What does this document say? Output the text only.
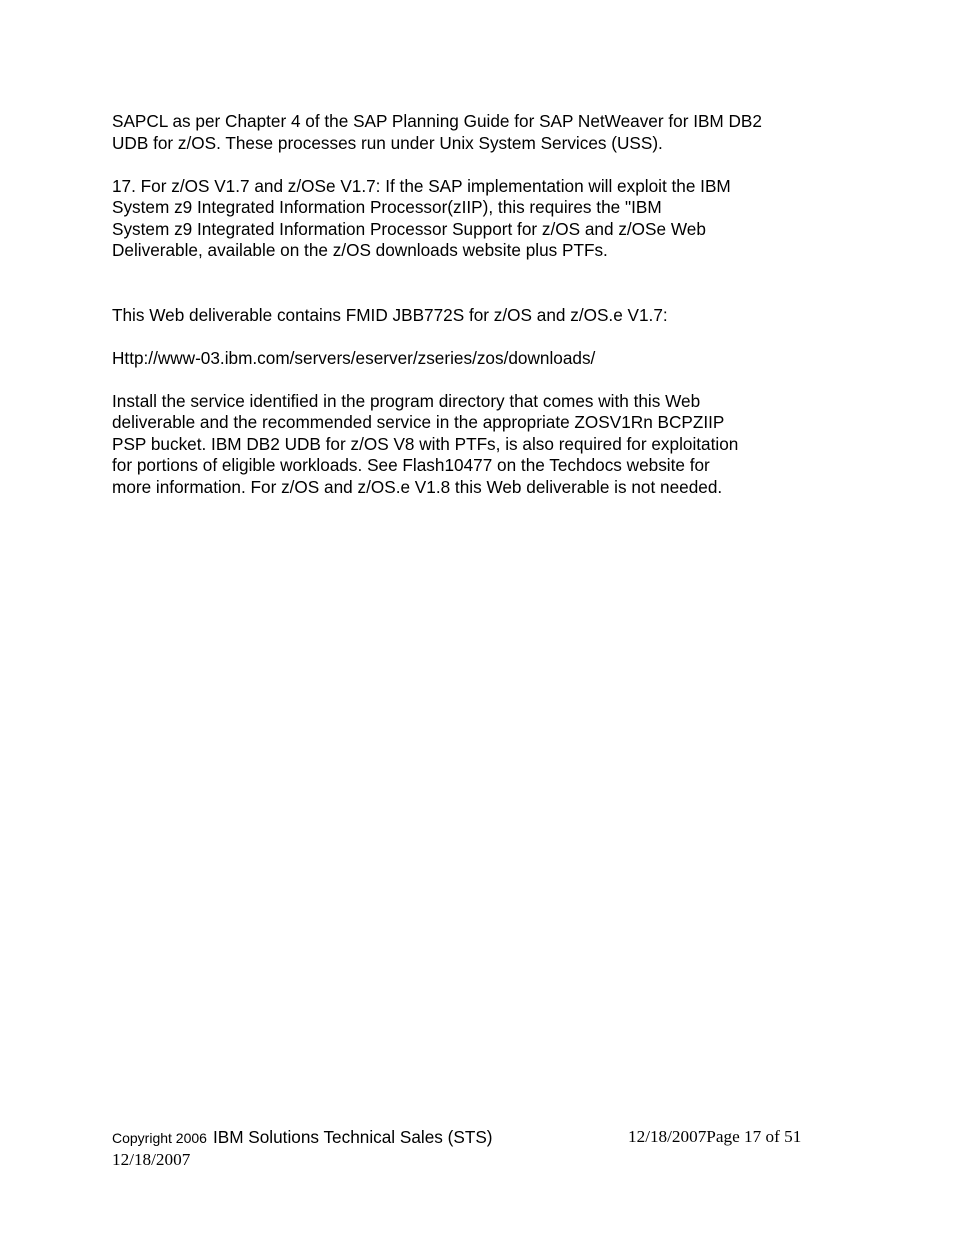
SAPCL as per Chapter 4 of the SAP Planning Guide for SAP NetWeaver for IBM DB2
UDB for z/OS. These processes run under Unix System Services (USS).
17. For z/OS V1.7 and z/OSe V1.7: If the SAP implementation will exploit the IBM
System z9 Integrated Information Processor(zIIP), this requires the "IBM
System z9 Integrated Information Processor Support for z/OS and z/OSe Web
Deliverable, available on the z/OS downloads website plus PTFs.
This Web deliverable contains FMID JBB772S for z/OS and z/OS.e V1.7:
Http://www-03.ibm.com/servers/eserver/zseries/zos/downloads/
Install the service identified in the program directory that comes with this Web
deliverable and the recommended service in the appropriate ZOSV1Rn BCPZIIP
PSP bucket. IBM DB2 UDB for z/OS V8 with PTFs, is also required for exploitation
for portions of eligible workloads. See Flash10477 on the Techdocs website for
more information. For z/OS and z/OS.e V1.8 this Web deliverable is not needed.
Copyright 2006 IBM Solutions Technical Sales (STS)
12/18/2007
12/18/2007Page 17 of 51
